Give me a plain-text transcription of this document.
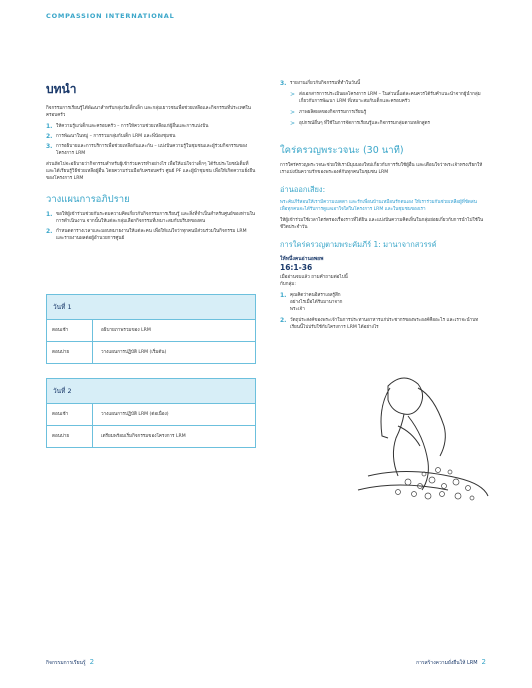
COMPASSION INTERNATIONAL
บทนำ

กิจกรรมการเรียนรู้ได้พัฒนาสำหรับกลุ่มวัยเด็กเล็ก และกลุ่มเยาวชนเพื่อช่วยเหลือและกิจกรรมที่ประเทศในครอบครัว

1. ให้ความรู้แก่เด็กและครอบครัว – การให้ความช่วยเหลือแก่ผู้อื่นและการแบ่งปัน
2. การพัฒนาในหมู่ – การรวมกลุ่มกับเด็ก LRM และพี่น้องชุมชน
3. การอธิบายและการบริการเพื่อช่วยเหลือกันและกัน – แบ่งปันความรู้ในชุมชนและผู้ร่วมกิจกรรมของโครงการ LRM

ส่วนถัดไปจะอธิบายว่ากิจกรรมสำหรับผู้เข้าร่วมควรทำอย่างไร เพื่อให้แน่ใจว่าเด็กๆ ได้รับประโยชน์เต็มที่และได้เรียนรู้วิธีช่วยเหลือผู้อื่น โดยความร่วมมือกับครอบครัว ศูนย์ PF และผู้นำชุมชน เพื่อให้เกิดความยั่งยืนของโครงการ LRM

วางแผนการอภิปราย
1. ขอให้ผู้เข้าร่วมช่วยกันระดมความคิดเกี่ยวกับกิจกรรมการเรียนรู้ และสิ่งที่จำเป็นสำหรับศูนย์ของท่านในการดำเนินงาน จากนั้นให้แต่ละกลุ่มเลือกกิจกรรมที่เหมาะสมกับบริบทของตน
2. กำหนดตารางเวลาและมอบหมายงานให้แต่ละคน เพื่อให้แน่ใจว่าทุกคนมีส่วนร่วมในกิจกรรม LRM และรายงานผลต่อผู้อำนวยการศูนย์
วันที่ 1
ตอนเช้า	อธิบายภาพรวมของ LRM
ตอนบ่าย	วางแผนการปฏิบัติ LRM (เริ่มต้น)
วันที่ 2
ตอนเช้า	วางแผนการปฏิบัติ LRM (ต่อเนื่อง)
ตอนบ่าย	เตรียมพร้อมเริ่มกิจกรรมของโครงการ LRM
3. รายงานเกี่ยวกับกิจกรรมที่ทำในวันนี้
> ส่งเอกสารการประเมินผลโครงการ LRM – ในส่วนนี้แต่ละคนควรได้รับคำแนะนำจากผู้นำกลุ่มเกี่ยวกับการพัฒนา LRM ที่เหมาะสมกับเด็กและครอบครัว
> ภาพผลิตผลของกิจกรรมการเรียนรู้
> อุปกรณ์อื่นๆ ที่ใช้ในการจัดการเรียนรู้และกิจกรรมกลุ่มตามหลักสูตร
ใคร่ครวญพระวจนะ (30 นาที)

การใคร่ครวญพระวจนะช่วยให้เรามีมุมมองใหม่เกี่ยวกับการรับใช้ผู้อื่น และเตือนใจว่าพระเจ้าทรงเรียกให้เราแบ่งปันความรักของพระองค์กับทุกคนในชุมชน LRM

อ่านออกเสียง:

พระคัมภีร์สอนให้เรามีความเมตตา และรักเพื่อนบ้านเหมือนรักตนเอง ให้เราร่วมกันช่วยเหลือผู้ที่ขัดสน เพื่อทุกคนจะได้รับการดูแลเอาใจใส่ในโครงการ LRM และในชุมชนของเรา

ให้ผู้เข้าร่วมใช้เวลาไตร่ตรองเรื่องราวที่ได้ยิน และแบ่งปันความคิดเห็นในกลุ่มย่อยเกี่ยวกับการนำไปใช้ในชีวิตประจำวัน

การใคร่ครวญตามพระคัมภีร์ 1: มานาจากสวรรค์
ให้หนึ่งคนอ่านอพยพ
16:1-36

เมื่ออ่านจบแล้ว ถามคำถามต่อไปนี้กับกลุ่ม:

1. คุณคิดว่าคนอิสราเอลรู้สึกอย่างไรเมื่อได้รับมานาจากพระเจ้า
2. วัตถุประสงค์ของพระเจ้าในการประทานอาหารแก่ประชากรของพระองค์คืออะไร และเราจะนำบทเรียนนี้ไปปรับใช้กับโครงการ LRM ได้อย่างไร
กิจกรรมการเรียนรู้ 2	การสร้างความยั่งยืนให้ LRM 2
